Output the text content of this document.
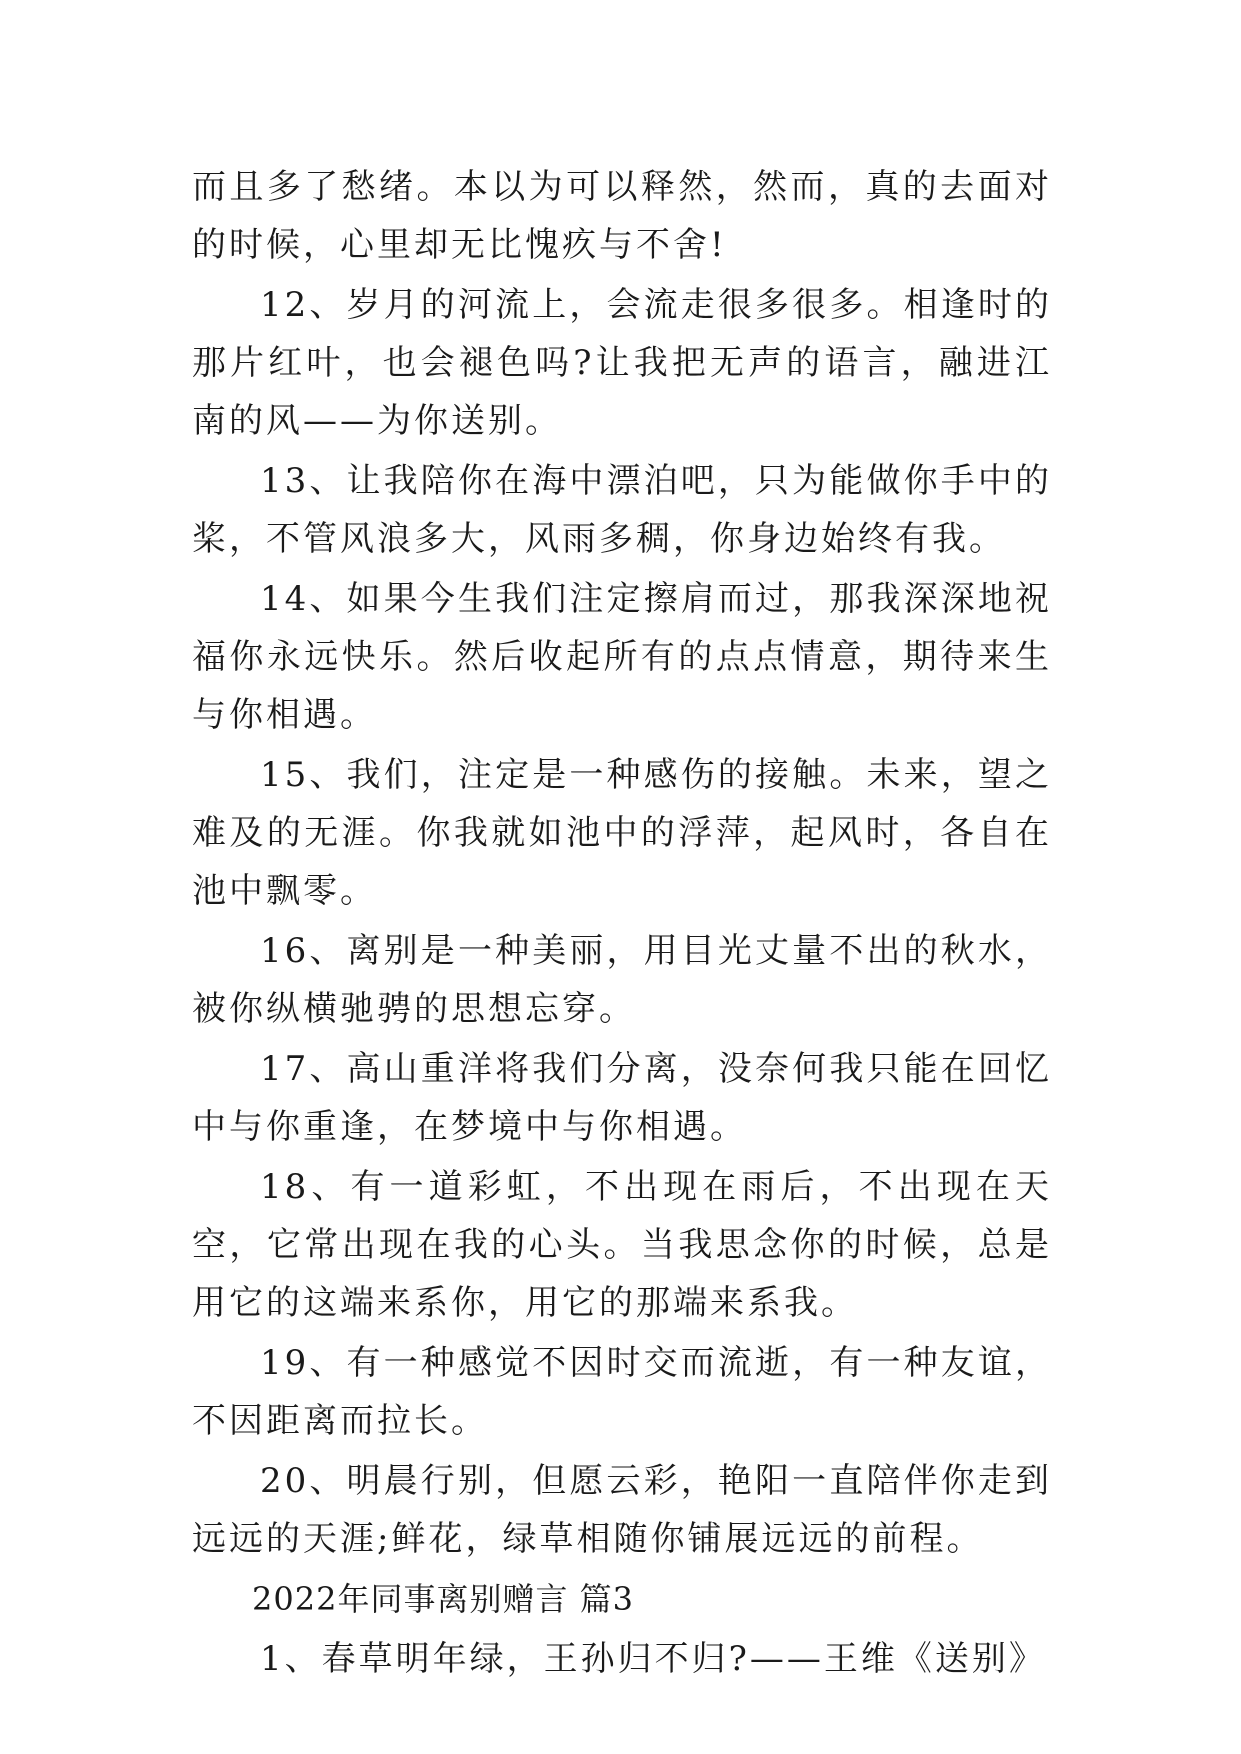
而且多了愁绪。本以为可以释然，然而，真的去面对的时候，心里却无比愧疚与不舍!

12、岁月的河流上，会流走很多很多。相逢时的那片红叶，也会褪色吗?让我把无声的语言，融进江南的风——为你送别。

13、让我陪你在海中漂泊吧，只为能做你手中的桨，不管风浪多大，风雨多稠，你身边始终有我。

14、如果今生我们注定擦肩而过，那我深深地祝福你永远快乐。然后收起所有的点点情意，期待来生与你相遇。

15、我们，注定是一种感伤的接触。未来，望之难及的无涯。你我就如池中的浮萍，起风时，各自在池中飘零。

16、离别是一种美丽，用目光丈量不出的秋水，被你纵横驰骋的思想忘穿。

17、高山重洋将我们分离，没奈何我只能在回忆中与你重逢，在梦境中与你相遇。

18、有一道彩虹，不出现在雨后，不出现在天空，它常出现在我的心头。当我思念你的时候，总是用它的这端来系你，用它的那端来系我。

19、有一种感觉不因时交而流逝，有一种友谊，不因距离而拉长。

20、明晨行别，但愿云彩，艳阳一直陪伴你走到远远的天涯;鲜花，绿草相随你铺展远远的前程。

2022年同事离别赠言 篇3

1、春草明年绿，王孙归不归?——王维《送别》
